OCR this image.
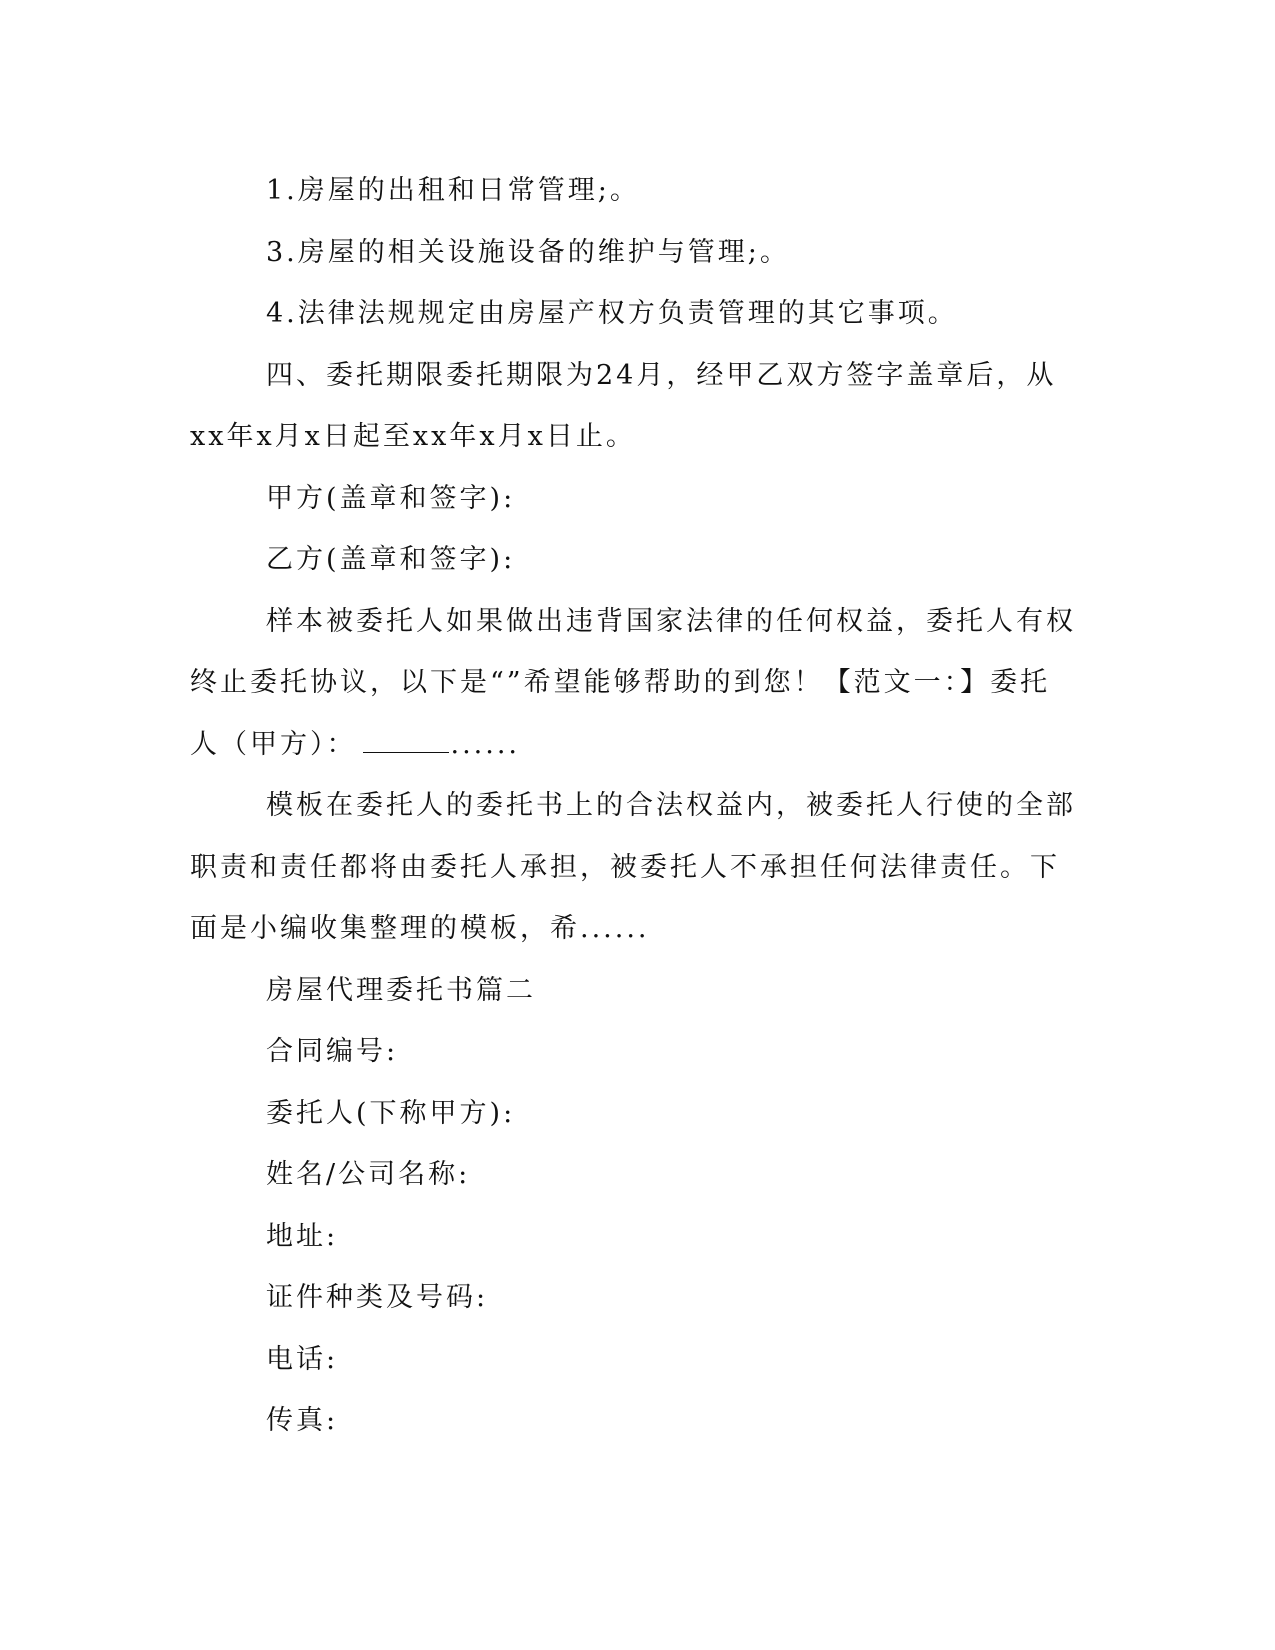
1.房屋的出租和日常管理;。

3.房屋的相关设施设备的维护与管理;。

4.法律法规规定由房屋产权方负责管理的其它事项。

四、委托期限委托期限为24月，经甲乙双方签字盖章后，从xx年x月x日起至xx年x月x日止。

甲方(盖章和签字):

乙方(盖章和签字):

样本被委托人如果做出违背国家法律的任何权益，委托人有权终止委托协议，以下是“”希望能够帮助的到您！【范文一：】委托人（甲方）：	......

模板在委托人的委托书上的合法权益内，被委托人行使的全部职责和责任都将由委托人承担，被委托人不承担任何法律责任。下面是小编收集整理的模板，希......

房屋代理委托书篇二

合同编号:

委托人(下称甲方):

姓名/公司名称:

地址:

证件种类及号码:

电话:

传真:
